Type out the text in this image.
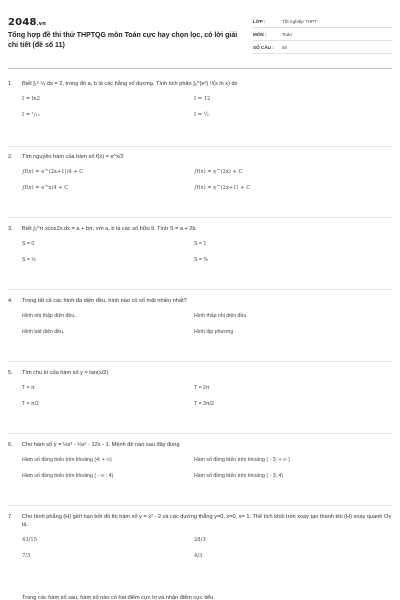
2048.vn
Tổng hợp đề thi thử THPTQG môn Toán cực hay chọn lọc, có lời giải chi tiết (đề số 11)
LỚP :	Tốt nghiệp THPT
MÔN :	Toán
SỐ CÂU :	50
1.	Biết ∫₁ᵉ ¹/ₓ dx = 2, trong đó a, b là các hằng số dương. Tính tích phân ∫ₑ^{e²} ¹/(x ln x) dx
I = ln2	I = 12
I = ¹/₁₂	I = ½
2.	Tìm nguyên hàm của hàm số f(x) = e^x/2
∫f(x) = e^(2x+1)/4 + C	∫f(x) = e^(2x) + C
∫f(x) = e^x/4 + C	∫f(x) = e^(2x+1) + C
3.	Biết ∫₀^π xcos2x.dx = a + bπ, với a, b là các số hữu tỉ. Tính S = a + 2b
S = 0	S = 1
S = ½	S = ⅜
4.	Trong tất cả các hình đa diện đều, hình nào có số mặt nhiều nhất?
Hình nhị thập diện đều.	Hình thập nhị diện đều
Hình bát diện đều.	Hình lập phương
5.	Tìm chu kì của hàm số y = tan(x/2)
T = π	T = 2π
T = π/2	T = 3π/2
6.	Cho hàm số y = ⅓x³ - ⅓x² - 12x - 1. Mệnh đề nào sau đây đúng
Hàm số đồng biến trên khoảng (4; + ∞)	Hàm số đồng biến trên khoảng ( - 3; + ∞ )
Hàm số đồng biến trên khoảng ( - ∞ ; 4)	Hàm số đồng biến trên khoảng ( - 3; 4)
7.	Cho hình phẳng (H) giới hạn bởi đồ thị hàm số y = x² - 2 và các đường thẳng y=0, x=0, x= 1. Thể tích khối tròn xoay tạo thành khi (H) xoay quanh Ox là.
43/15	28/3
7/3	4/3
Trong các hàm số sau, hàm số nào có hai điểm cực trị và nhận điểm cực tiểu
